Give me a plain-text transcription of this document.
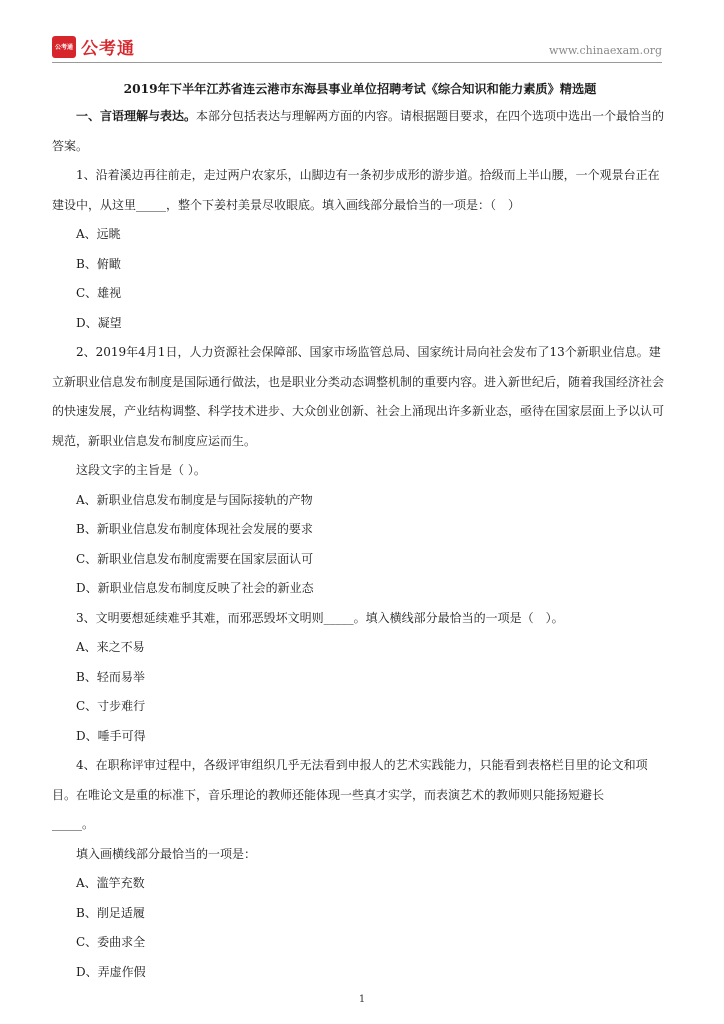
公考通 公考通	www.chinaexam.org

2019年下半年江苏省连云港市东海县事业单位招聘考试《综合知识和能力素质》精选题

一、言语理解与表达。本部分包括表达与理解两方面的内容。请根据题目要求，在四个选项中选出一个最恰当的答案。

1、沿着溪边再往前走，走过两户农家乐，山脚边有一条初步成形的游步道。拾级而上半山腰，一个观景台正在建设中，从这里_____，整个下姜村美景尽收眼底。填入画线部分最恰当的一项是：（　）

A、远眺

B、俯瞰

C、雄视

D、凝望

2、2019年4月1日，人力资源社会保障部、国家市场监管总局、国家统计局向社会发布了13个新职业信息。建立新职业信息发布制度是国际通行做法，也是职业分类动态调整机制的重要内容。进入新世纪后，随着我国经济社会的快速发展，产业结构调整、科学技术进步、大众创业创新、社会上涌现出许多新业态，亟待在国家层面上予以认可规范，新职业信息发布制度应运而生。

这段文字的主旨是（ ）。

A、新职业信息发布制度是与国际接轨的产物

B、新职业信息发布制度体现社会发展的要求

C、新职业信息发布制度需要在国家层面认可

D、新职业信息发布制度反映了社会的新业态

3、文明要想延续难乎其难，而邪恶毁坏文明则_____。填入横线部分最恰当的一项是（　）。

A、来之不易

B、轻而易举

C、寸步难行

D、唾手可得

4、在职称评审过程中，各级评审组织几乎无法看到申报人的艺术实践能力，只能看到表格栏目里的论文和项目。在唯论文是重的标准下，音乐理论的教师还能体现一些真才实学，而表演艺术的教师则只能扬短避长

_____。

填入画横线部分最恰当的一项是：

A、滥竽充数

B、削足适履

C、委曲求全

D、弄虚作假

1
